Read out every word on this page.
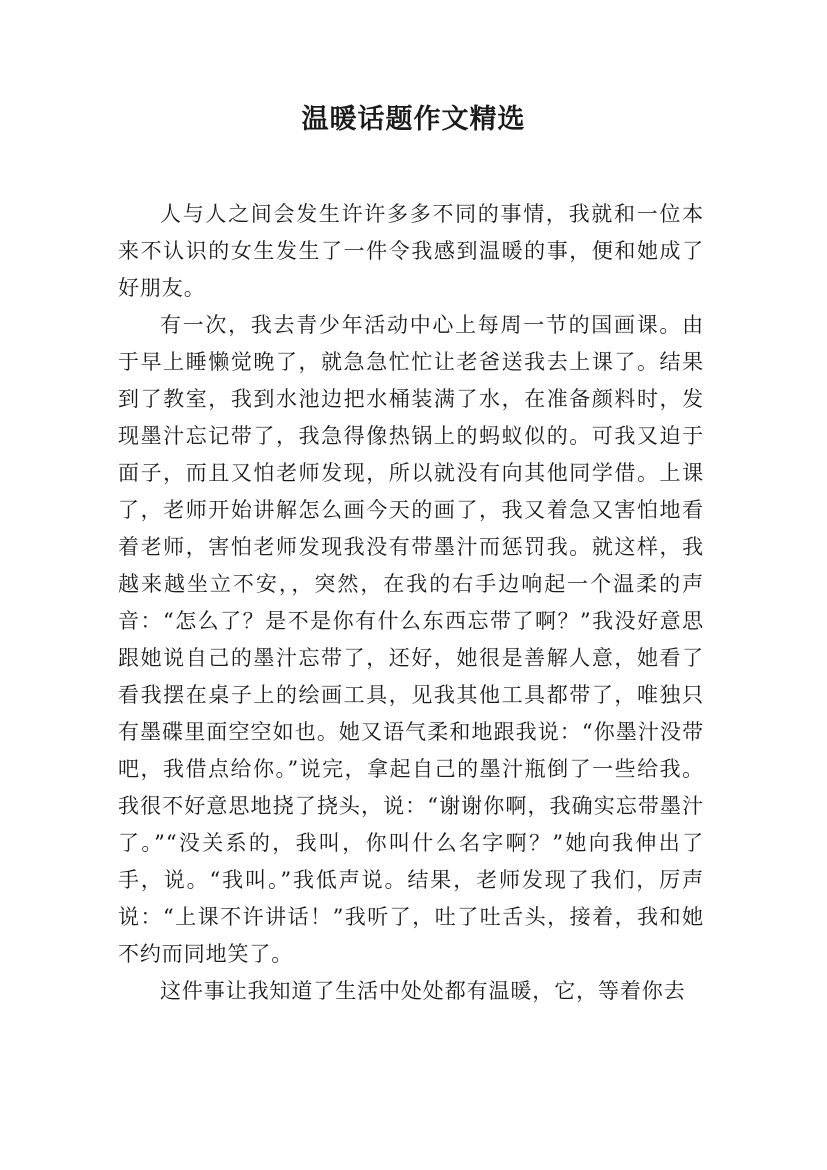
温暖话题作文精选

人与人之间会发生许许多多不同的事情，我就和一位本来不认识的女生发生了一件令我感到温暖的事，便和她成了好朋友。

有一次，我去青少年活动中心上每周一节的国画课。由于早上睡懒觉晚了，就急急忙忙让老爸送我去上课了。结果到了教室，我到水池边把水桶装满了水，在准备颜料时，发现墨汁忘记带了，我急得像热锅上的蚂蚁似的。可我又迫于面子，而且又怕老师发现，所以就没有向其他同学借。上课了，老师开始讲解怎么画今天的画了，我又着急又害怕地看着老师，害怕老师发现我没有带墨汁而惩罚我。就这样，我越来越坐立不安，，突然，在我的右手边响起一个温柔的声音：“怎么了？是不是你有什么东西忘带了啊？”我没好意思跟她说自己的墨汁忘带了，还好，她很是善解人意，她看了看我摆在桌子上的绘画工具，见我其他工具都带了，唯独只有墨碟里面空空如也。她又语气柔和地跟我说：“你墨汁没带吧，我借点给你。”说完，拿起自己的墨汁瓶倒了一些给我。我很不好意思地挠了挠头，说：“谢谢你啊，我确实忘带墨汁了。”“没关系的，我叫，你叫什么名字啊？”她向我伸出了手，说。“我叫。”我低声说。结果，老师发现了我们，厉声说：“上课不许讲话！”我听了，吐了吐舌头，接着，我和她不约而同地笑了。

这件事让我知道了生活中处处都有温暖，它，等着你去
